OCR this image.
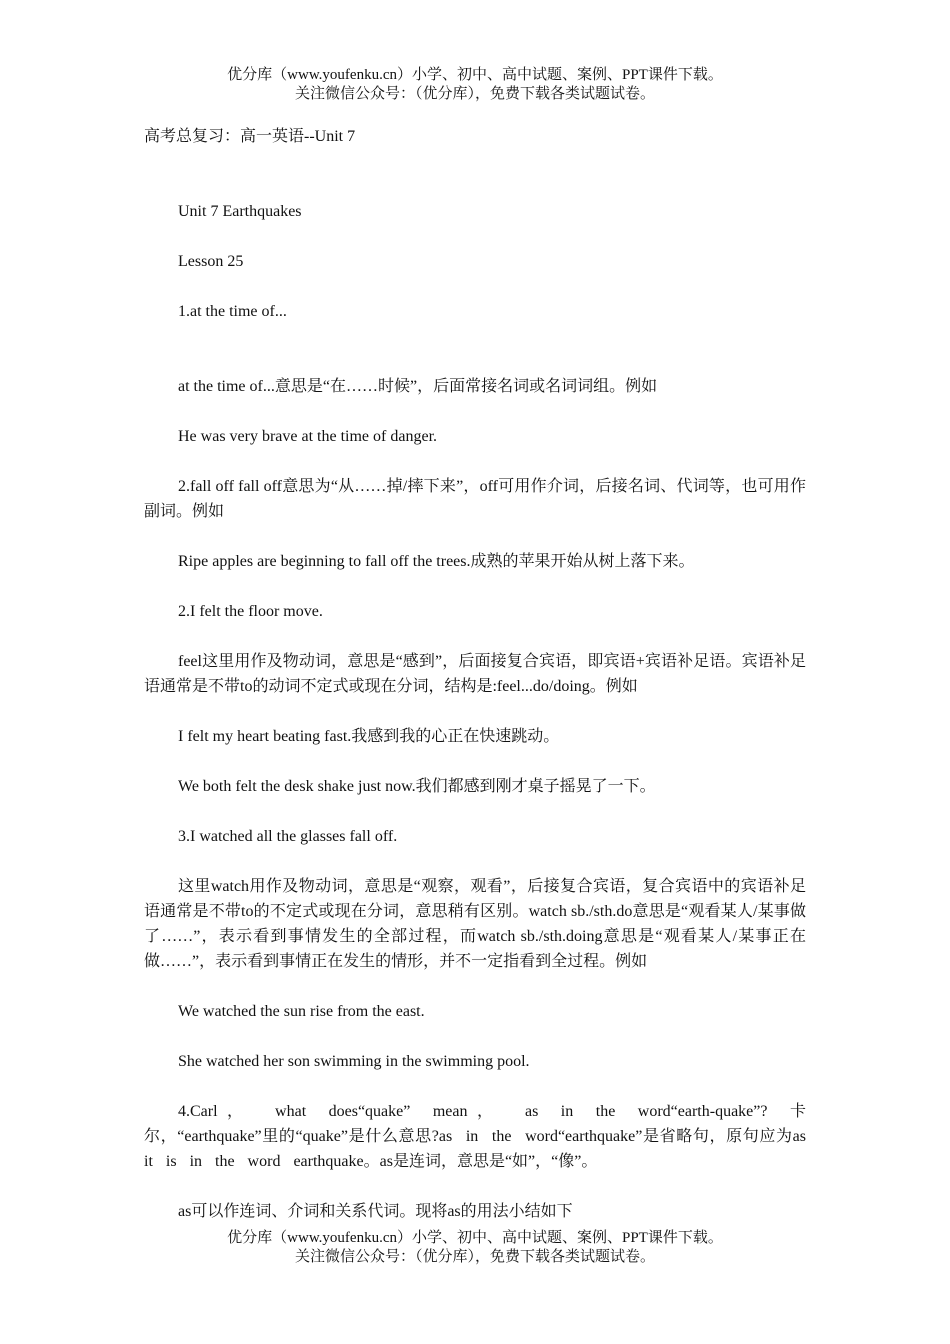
优分库（www.youfenku.cn）小学、初中、高中试题、案例、PPT课件下载。
关注微信公众号：（优分库），免费下载各类试题试卷。

高考总复习：高一英语--Unit 7

Unit 7 Earthquakes

Lesson 25

1.at the time of...

at the time of...意思是“在……时候”，后面常接名词或名词词组。例如

He was very brave at the time of danger.

2.fall off fall off意思为“从……掉/摔下来”，off可用作介词，后接名词、代词等，也可用作副词。例如

Ripe apples are beginning to fall off the trees.成熟的苹果开始从树上落下来。

2.I felt the floor move.

feel这里用作及物动词，意思是“感到”，后面接复合宾语，即宾语+宾语补足语。宾语补足语通常是不带to的动词不定式或现在分词，结构是:feel...do/doing。例如

I felt my heart beating fast.我感到我的心正在快速跳动。

We both felt the desk shake just now.我们都感到刚才桌子摇晃了一下。

3.I watched all the glasses fall off.

这里watch用作及物动词，意思是“观察，观看”，后接复合宾语，复合宾语中的宾语补足语通常是不带to的不定式或现在分词，意思稍有区别。watch sb./sth.do意思是“观看某人/某事做了……”，表示看到事情发生的全部过程，而watch sb./sth.doing意思是“观看某人/某事正在做……”，表示看到事情正在发生的情形，并不一定指看到全过程。例如

We watched the sun rise from the east.

She watched her son swimming in the swimming pool.

4.Carl， what does“quake” mean， as in the word“earth-quake”? 卡尔，“earthquake”里的“quake”是什么意思?as in the word“earthquake”是省略句，原句应为as it is in the word earthquake。as是连词，意思是“如”，“像”。

as可以作连词、介词和关系代词。现将as的用法小结如下

优分库（www.youfenku.cn）小学、初中、高中试题、案例、PPT课件下载。
关注微信公众号：（优分库），免费下载各类试题试卷。
